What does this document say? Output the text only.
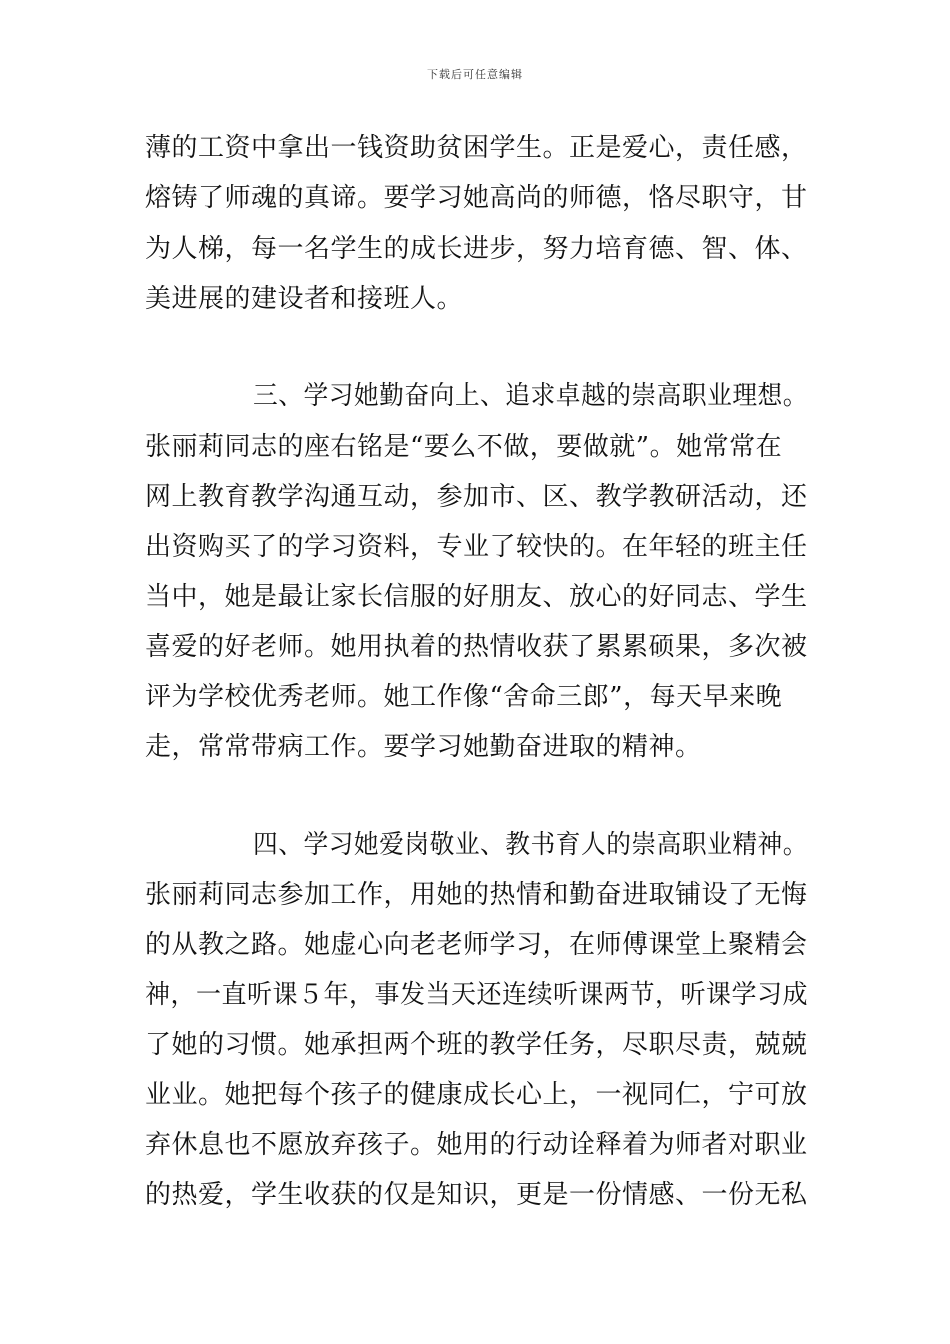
下载后可任意编辑
薄的工资中拿出一钱资助贫困学生。正是爱心，责任感，
熔铸了师魂的真谛。要学习她高尚的师德，恪尽职守，甘
为人梯，每一名学生的成长进步，努力培育德、智、体、
美进展的建设者和接班人。
三、学习她勤奋向上、追求卓越的崇高职业理想。
张丽莉同志的座右铭是“要么不做，要做就”。她常常在
网上教育教学沟通互动，参加市、区、教学教研活动，还
出资购买了的学习资料，专业了较快的。在年轻的班主任
当中，她是最让家长信服的好朋友、放心的好同志、学生
喜爱的好老师。她用执着的热情收获了累累硕果，多次被
评为学校优秀老师。她工作像“舍命三郎”，每天早来晚
走，常常带病工作。要学习她勤奋进取的精神。
四、学习她爱岗敬业、教书育人的崇高职业精神。
张丽莉同志参加工作，用她的热情和勤奋进取铺设了无悔
的从教之路。她虚心向老老师学习，在师傅课堂上聚精会
神，一直听课５年，事发当天还连续听课两节，听课学习成
了她的习惯。她承担两个班的教学任务，尽职尽责，兢兢
业业。她把每个孩子的健康成长心上，一视同仁，宁可放
弃休息也不愿放弃孩子。她用的行动诠释着为师者对职业
的热爱，学生收获的仅是知识，更是一份情感、一份无私
